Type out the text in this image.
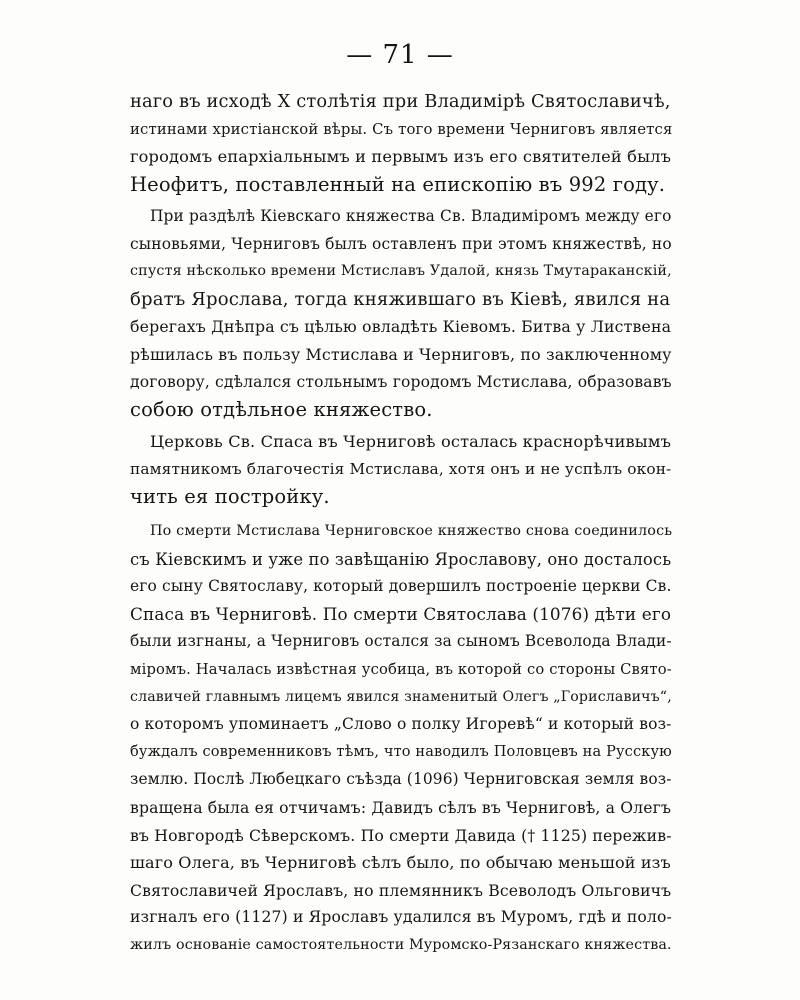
— 71 —
наго въ исходѣ X столѣтія при Владимірѣ Святославичѣ,
истинами христіанской вѣры. Съ того времени Черниговъ является
городомъ епархіальнымъ и первымъ изъ его святителей былъ
Неофитъ, поставленный на епископію въ 992 году.
При раздѣлѣ Кіевскаго княжества Св. Владиміромъ между его
сыновьями, Черниговъ былъ оставленъ при этомъ княжествѣ, но
спустя нѣсколько времени Мстиславъ Удалой, князь Тмутараканскій,
братъ Ярослава, тогда княжившаго въ Кіевѣ, явился на
берегахъ Днѣпра съ цѣлью овладѣть Кіевомъ. Битва у Листвена
рѣшилась въ пользу Мстислава и Черниговъ, по заключенному
договору, сдѣлался стольнымъ городомъ Мстислава, образовавъ
собою отдѣльное княжество.
Церковь Св. Спаса въ Черниговѣ осталась краснорѣчивымъ
памятникомъ благочестія Мстислава, хотя онъ и не успѣлъ окон-
чить ея постройку.
По смерти Мстислава Черниговское княжество снова соединилось
съ Кіевскимъ и уже по завѣщанію Ярославову, оно досталось
его сыну Святославу, который довершилъ построеніе церкви Св.
Спаса въ Черниговѣ. По смерти Святослава (1076) дѣти его
были изгнаны, а Черниговъ остался за сыномъ Всеволода Влади-
міромъ. Началась извѣстная усобица, въ которой со стороны Свято-
славичей главнымъ лицемъ явился знаменитый Олегъ „Гориславичъ“,
о которомъ упоминаетъ „Слово о полку Игоревѣ“ и который воз-
буждалъ современниковъ тѣмъ, что наводилъ Половцевъ на Русскую
землю. Послѣ Любецкаго съѣзда (1096) Черниговская земля воз-
вращена была ея отчичамъ: Давидъ сѣлъ въ Черниговѣ, а Олегъ
въ Новгородѣ Сѣверскомъ. По смерти Давида († 1125) пережив-
шаго Олега, въ Черниговѣ сѣлъ было, по обычаю меньшой изъ
Святославичей Ярославъ, но племянникъ Всеволодъ Ольговичъ
изгналъ его (1127) и Ярославъ удалился въ Муромъ, гдѣ и поло-
жилъ основаніе самостоятельности Муромско-Рязанскаго княжества.
